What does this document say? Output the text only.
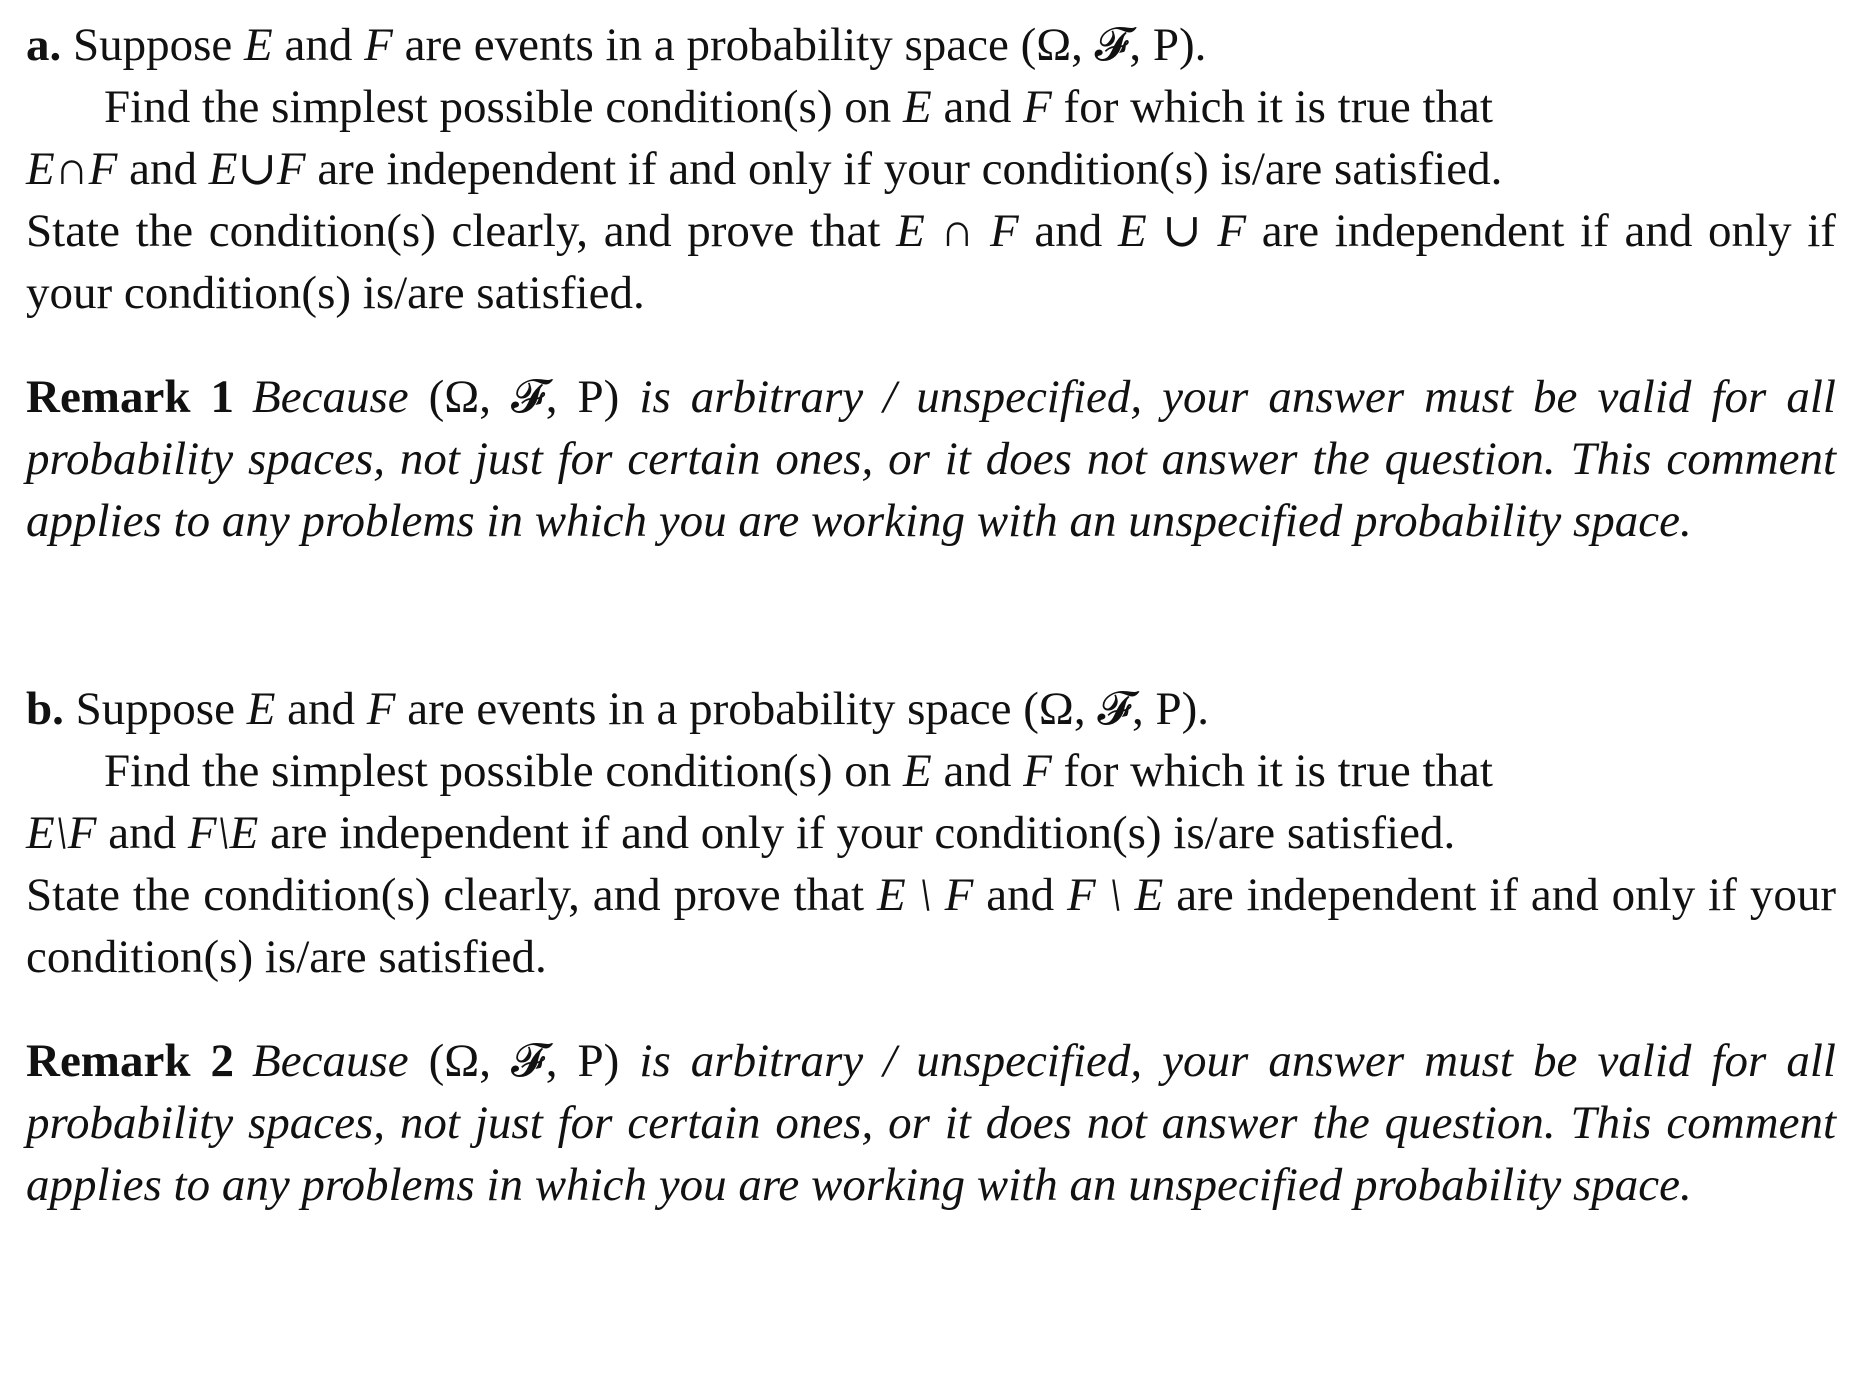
a. Suppose E and F are events in a probability space (Ω, 𝓕, P).
Find the simplest possible condition(s) on E and F for which it is true that
E∩F and E∪F are independent if and only if your condition(s) is/are satisfied.
State the condition(s) clearly, and prove that E ∩ F and E ∪ F are independent if and only if your condition(s) is/are satisfied.

Remark 1 Because (Ω, 𝓕, P) is arbitrary / unspecified, your answer must be valid for all probability spaces, not just for certain ones, or it does not answer the question. This comment applies to any problems in which you are working with an unspecified probability space.

b. Suppose E and F are events in a probability space (Ω, 𝓕, P).
Find the simplest possible condition(s) on E and F for which it is true that
E\F and F\E are independent if and only if your condition(s) is/are satisfied.
State the condition(s) clearly, and prove that E \ F and F \ E are independent if and only if your condition(s) is/are satisfied.

Remark 2 Because (Ω, 𝓕, P) is arbitrary / unspecified, your answer must be valid for all probability spaces, not just for certain ones, or it does not answer the question. This comment applies to any problems in which you are working with an unspecified probability space.
